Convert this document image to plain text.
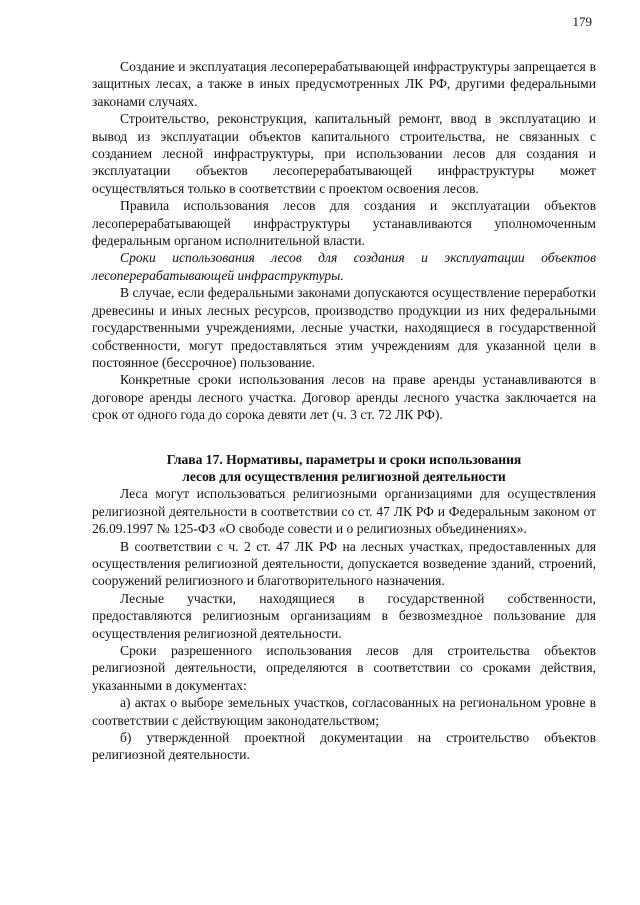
179

Создание и эксплуатация лесоперерабатывающей инфраструктуры запрещается в защитных лесах, а также в иных предусмотренных ЛК РФ, другими федеральными законами случаях.

Строительство, реконструкция, капитальный ремонт, ввод в эксплуатацию и вывод из эксплуатации объектов капитального строительства, не связанных с созданием лесной инфраструктуры, при использовании лесов для создания и эксплуатации объектов лесоперерабатывающей инфраструктуры может осуществляться только в соответствии с проектом освоения лесов.

Правила использования лесов для создания и эксплуатации объектов лесоперерабатывающей инфраструктуры устанавливаются уполномоченным федеральным органом исполнительной власти.

Сроки использования лесов для создания и эксплуатации объектов лесоперерабатывающей инфраструктуры.

В случае, если федеральными законами допускаются осуществление переработки древесины и иных лесных ресурсов, производство продукции из них федеральными государственными учреждениями, лесные участки, находящиеся в государственной собственности, могут предоставляться этим учреждениям для указанной цели в постоянное (бессрочное) пользование.

Конкретные сроки использования лесов на праве аренды устанавливаются в договоре аренды лесного участка. Договор аренды лесного участка заключается на срок от одного года до сорока девяти лет (ч. 3 ст. 72 ЛК РФ).

Глава 17. Нормативы, параметры и сроки использования
лесов для осуществления религиозной деятельности

Леса могут использоваться религиозными организациями для осуществления религиозной деятельности в соответствии со ст. 47 ЛК РФ и Федеральным законом от 26.09.1997 № 125-ФЗ «О свободе совести и о религиозных объединениях».

В соответствии с ч. 2 ст. 47 ЛК РФ на лесных участках, предоставленных для осуществления религиозной деятельности, допускается возведение зданий, строений, сооружений религиозного и благотворительного назначения.

Лесные участки, находящиеся в государственной собственности, предоставляются религиозным организациям в безвозмездное пользование для осуществления религиозной деятельности.

Сроки разрешенного использования лесов для строительства объектов религиозной деятельности, определяются в соответствии со сроками действия, указанными в документах:

а) актах о выборе земельных участков, согласованных на региональном уровне в соответствии с действующим законодательством;

б) утвержденной проектной документации на строительство объектов религиозной деятельности.
